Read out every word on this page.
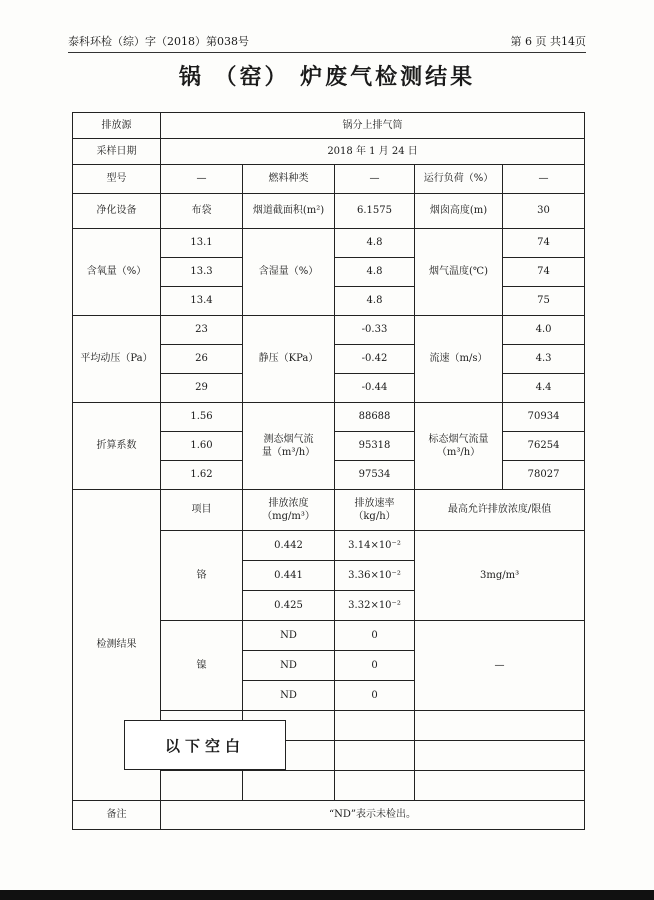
泰科环检（综）字（2018）第038号	第 6 页 共14页
锅 （窑） 炉废气检测结果
排放源	锅分上排气筒				
采样日期	2018 年 1 月 24 日				
型号	—	燃料种类	—	运行负荷（%）	—
净化设备	布袋	烟道截面积(m²)	6.1575	烟囱高度(m)	30
含氧量（%）	13.1	含湿量（%）	4.8	烟气温度(℃)	74
	13.3		4.8		74
	13.4		4.8		75
平均动压（Pa）	23	静压（KPa）	-0.33	流速（m/s）	4.0
	26		-0.42		4.3
	29		-0.44		4.4
折算系数	1.56	测态烟气流量（m³/h）	88688	标态烟气流量（m³/h）	70934
	1.60		95318		76254
	1.62		97534		78027
检测结果	项目	排放浓度（mg/m³）	排放速率（kg/h）	最高允许排放浓度/限值	
	铬	0.442	3.14×10⁻²	3mg/m³	
		0.441	3.36×10⁻²		
		0.425	3.32×10⁻²		
	镍	ND	0	—	
		ND	0		
		ND	0		

备注	“ND”表示未检出。				
以下空白
